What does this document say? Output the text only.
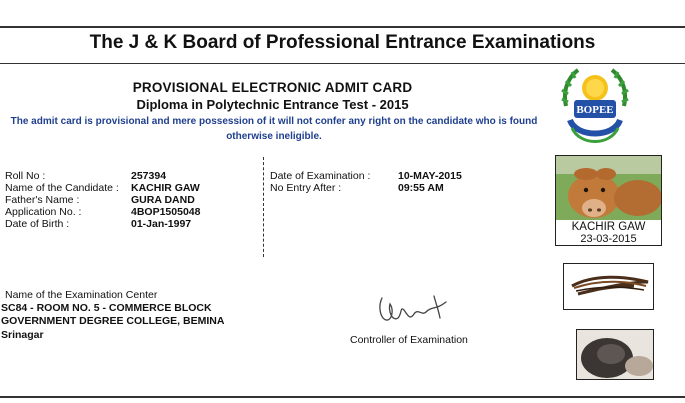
The J & K Board of Professional Entrance Examinations
PROVISIONAL ELECTRONIC ADMIT CARD
Diploma in Polytechnic Entrance Test - 2015
The admit card is provisional and mere possession of it will not confer any right on the candidate who is found otherwise ineligible.
Roll No :	257394
Name of the Candidate : KACHIR GAW
Father's Name :	GURA DAND
Application No. :	4BOP1505048
Date of Birth :	01-Jan-1997
Date of Examination :	10-MAY-2015
No Entry After :	09:55 AM
Name of the Examination Center
SC84 - ROOM NO. 5 - COMMERCE BLOCK
GOVERNMENT DEGREE COLLEGE, BEMINA
Srinagar	Controller of Examination
BOPEE
KACHIR GAW
23-03-2015
